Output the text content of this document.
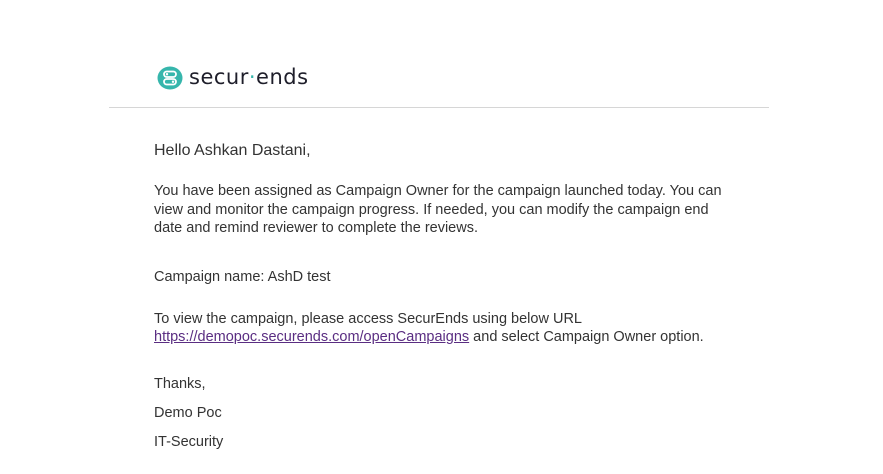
secur·ends

Hello Ashkan Dastani,

You have been assigned as Campaign Owner for the campaign launched today. You can
view and monitor the campaign progress. If needed, you can modify the campaign end
date and remind reviewer to complete the reviews.

Campaign name: AshD test

To view the campaign, please access SecurEnds using below URL
https://demopoc.securends.com/openCampaigns and select Campaign Owner option.

Thanks,

Demo Poc

IT-Security
